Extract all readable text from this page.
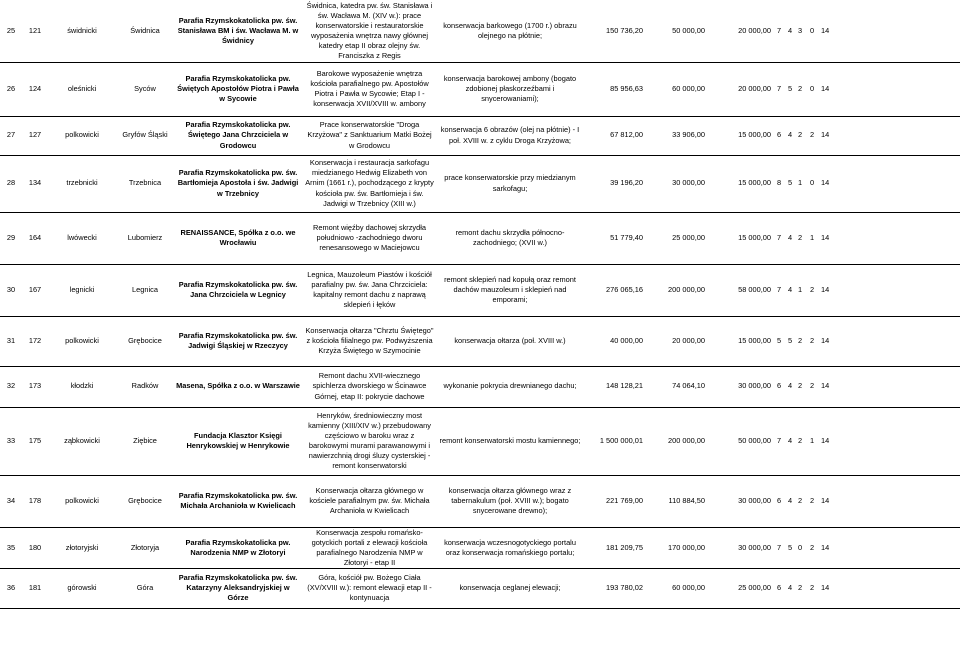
25	121	świdnicki	Świdnica	Parafia Rzymskokatolicka pw. św. Stanisława BM i św. Wacława M. w Świdnicy	Świdnica, katedra pw. św. Stanisława i św. Wacława M. (XIV w.): prace konserwatorskie i restauratorskie wyposażenia wnętrza nawy głównej katedry etap II obraz olejny św. Franciszka z Regis	konserwacja barkowego (1700 r.) obrazu olejnego na płótnie;	150 736,20	50 000,00	20 000,00	7	4	3	0	14
26	124	oleśnicki	Syców	Parafia Rzymskokatolicka pw. Świętych Apostołów Piotra i Pawła w Sycowie	Barokowe wyposażenie wnętrza kościoła parafialnego pw. Apostołów Piotra i Pawła w Sycowie; Etap I - konserwacja XVII/XVIII w. ambony	konserwacja barokowej ambony (bogato zdobionej płaskorzeźbami i snycerowaniami);	85 956,63	60 000,00	20 000,00	7	5	2	0	14
27	127	polkowicki	Gryfów Śląski	Parafia Rzymskokatolicka pw. Świętego Jana Chrzciciela w Grodowcu	Prace konserwatorskie "Droga Krzyżowa" z Sanktuarium Matki Bożej w Grodowcu	konserwacja 6 obrazów (olej na płótnie) - I poł. XVIII w. z cyklu Droga Krzyżowa;	67 812,00	33 906,00	15 000,00	6	4	2	2	14
28	134	trzebnicki	Trzebnica	Parafia Rzymskokatolicka pw. św. Bartłomieja Apostoła i św. Jadwigi w Trzebnicy	Konserwacja i restauracja sarkofagu miedzianego Hedwig Elizabeth von Arnim (1661 r.), pochodzącego z krypty kościoła pw. św. Bartłomieja i św. Jadwigi w Trzebnicy (XIII w.)	prace konserwatorskie przy miedzianym sarkofagu;	39 196,20	30 000,00	15 000,00	8	5	1	0	14
29	164	lwówecki	Lubomierz	RENAISSANCE, Spółka z o.o. we Wrocławiu	Remont więźby dachowej skrzydła południowo -zachodniego dworu renesansowego w Maciejowcu	remont dachu skrzydła północno-zachodniego; (XVII w.)	51 779,40	25 000,00	15 000,00	7	4	2	1	14
30	167	legnicki	Legnica	Parafia Rzymskokatolicka pw. św. Jana Chrzciciela w Legnicy	Legnica, Mauzoleum Piastów i kościół parafialny pw. św. Jana Chrzciciela: kapitalny remont dachu z naprawą sklepień i łęków	remont sklepień nad kopułą oraz remont dachów mauzoleum i sklepień nad emporami;	276 065,16	200 000,00	58 000,00	7	4	1	2	14
31	172	polkowicki	Grębocice	Parafia Rzymskokatolicka pw. św. Jadwigi Śląskiej w Rzeczycy	Konserwacja ołtarza "Chrztu Świętego" z kościoła filialnego pw. Podwyższenia Krzyża Świętego w Szymocinie	konserwacja ołtarza (poł. XVIII w.)	40 000,00	20 000,00	15 000,00	5	5	2	2	14
32	173	kłodzki	Radków	Masena, Spółka z o.o. w Warszawie	Remont dachu XVII-wiecznego spichlerza dworskiego w Ścinawce Górnej, etap II: pokrycie dachowe	wykonanie pokrycia drewnianego dachu;	148 128,21	74 064,10	30 000,00	6	4	2	2	14
33	175	ząbkowicki	Ziębice	Fundacja Klasztor Księgi Henrykowskiej w Henrykowie	Henryków, średniowieczny most kamienny (XIII/XIV w.) przebudowany częściowo w baroku wraz z barokowymi murami parawanowymi i nawierzchnią drogi śluzy cysterskiej - remont konserwatorski	remont konserwatorski mostu kamiennego;	1 500 000,01	200 000,00	50 000,00	7	4	2	1	14
34	178	polkowicki	Grębocice	Parafia Rzymskokatolicka pw. św. Michała Archanioła w Kwielicach	Konserwacja ołtarza głównego w kościele parafialnym pw. św. Michała Archanioła w Kwielicach	konserwacja ołtarza głównego wraz z tabernakulum (poł. XVIII w.); bogato snycerowane drewno);	221 769,00	110 884,50	30 000,00	6	4	2	2	14
35	180	złotoryjski	Złotoryja	Parafia Rzymskokatolicka pw. Narodzenia NMP w Złotoryi	Konserwacja zespołu romańsko-gotyckich portali z elewacji kościoła parafialnego Narodzenia NMP w Złotoryi - etap II	konserwacja wczesnogotyckiego portalu oraz konserwacja romańskiego portalu;	181 209,75	170 000,00	30 000,00	7	5	0	2	14
36	181	górowski	Góra	Parafia Rzymskokatolicka pw. św. Katarzyny Aleksandryjskiej w Górze	Góra, kościół pw. Bożego Ciała (XV/XVIII w.): remont elewacji etap II - kontynuacja	konserwacja ceglanej elewacji;	193 780,02	60 000,00	25 000,00	6	4	2	2	14
